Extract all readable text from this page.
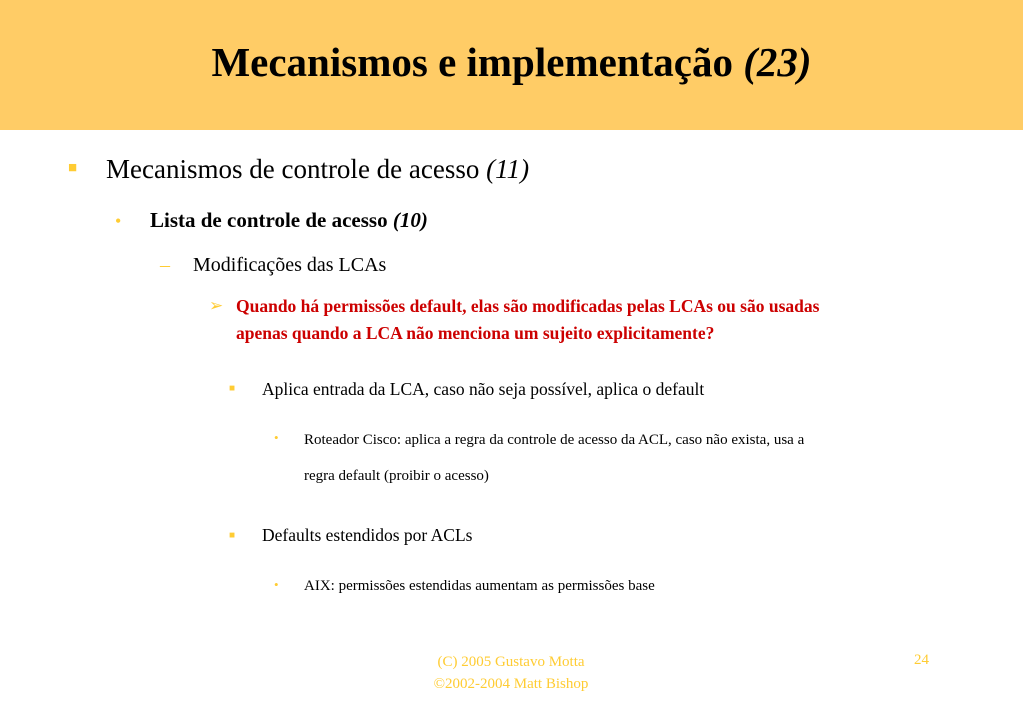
Mecanismos e implementação (23)
■ Mecanismos de controle de acesso (11)
• Lista de controle de acesso (10)
– Modificações das LCAs
➢ Quando há permissões default, elas são modificadas pelas LCAs ou são usadas
apenas quando a LCA não menciona um sujeito explicitamente?
■ Aplica entrada da LCA, caso não seja possível, aplica o default
• Roteador Cisco: aplica a regra da controle de acesso da ACL, caso não exista, usa a
regra default (proibir o acesso)
■ Defaults estendidos por ACLs
• AIX: permissões estendidas aumentam as permissões base
(C) 2005 Gustavo Motta
©2002-2004 Matt Bishop
24
